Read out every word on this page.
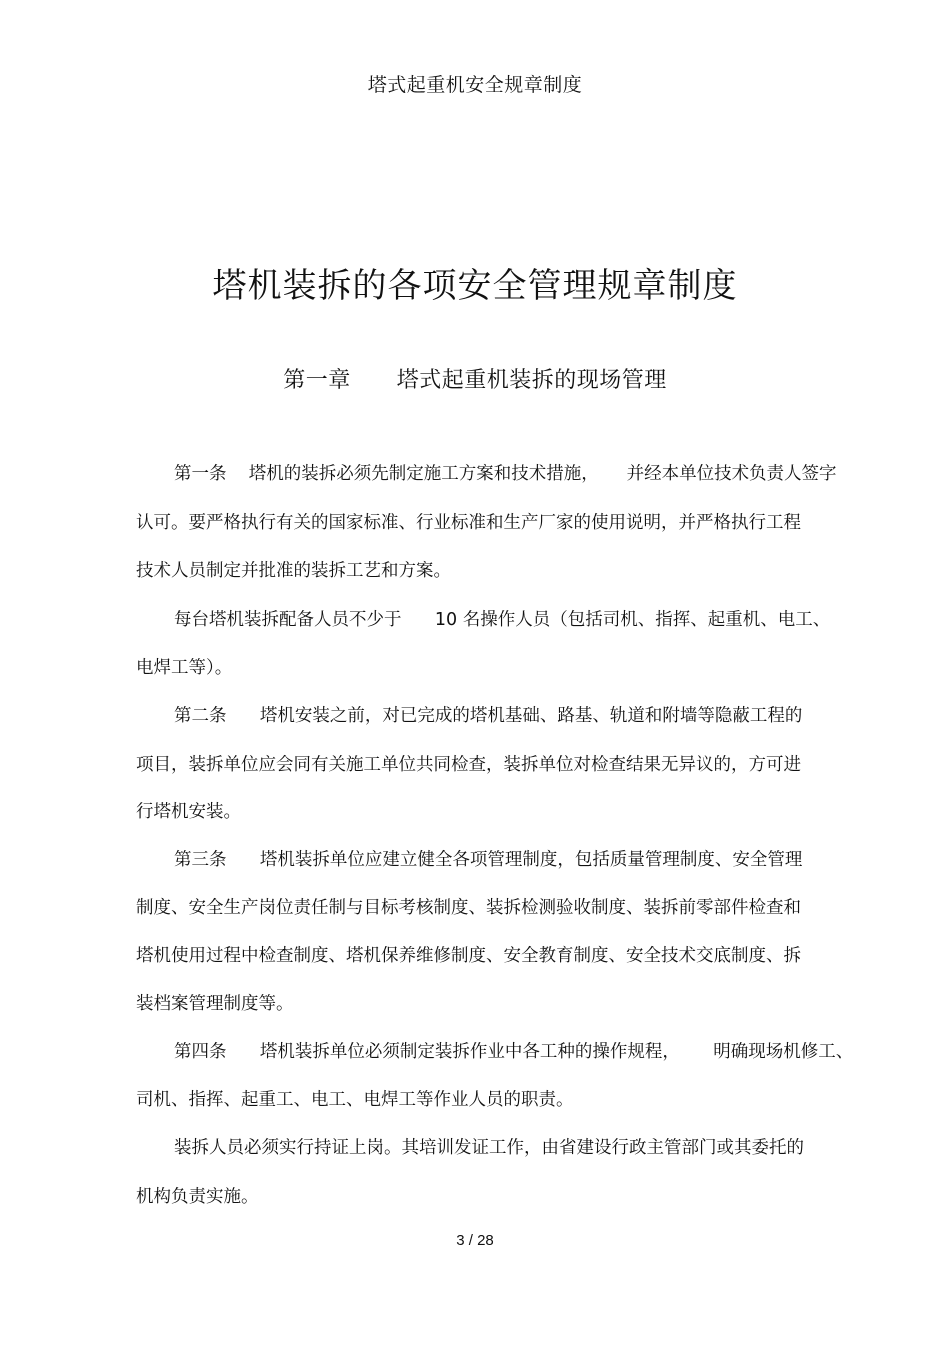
塔式起重机安全规章制度
塔机装拆的各项安全管理规章制度
第一章 塔式起重机装拆的现场管理
第一条    塔机的装拆必须先制定施工方案和技术措施，     并经本单位技术负责人签字
认可。要严格执行有关的国家标准、行业标准和生产厂家的使用说明，并严格执行工程
技术人员制定并批准的装拆工艺和方案。
每台塔机装拆配备人员不少于      10 名操作人员（包括司机、指挥、起重机、电工、
电焊工等）。
第二条      塔机安装之前，对已完成的塔机基础、路基、轨道和附墙等隐蔽工程的
项目，装拆单位应会同有关施工单位共同检查，装拆单位对检查结果无异议的，方可进
行塔机安装。
第三条      塔机装拆单位应建立健全各项管理制度，包括质量管理制度、安全管理
制度、安全生产岗位责任制与目标考核制度、装拆检测验收制度、装拆前零部件检查和
塔机使用过程中检查制度、塔机保养维修制度、安全教育制度、安全技术交底制度、拆
装档案管理制度等。
第四条      塔机装拆单位必须制定装拆作业中各工种的操作规程，      明确现场机修工、
司机、指挥、起重工、电工、电焊工等作业人员的职责。
装拆人员必须实行持证上岗。其培训发证工作，由省建设行政主管部门或其委托的
机构负责实施。
3 / 28
